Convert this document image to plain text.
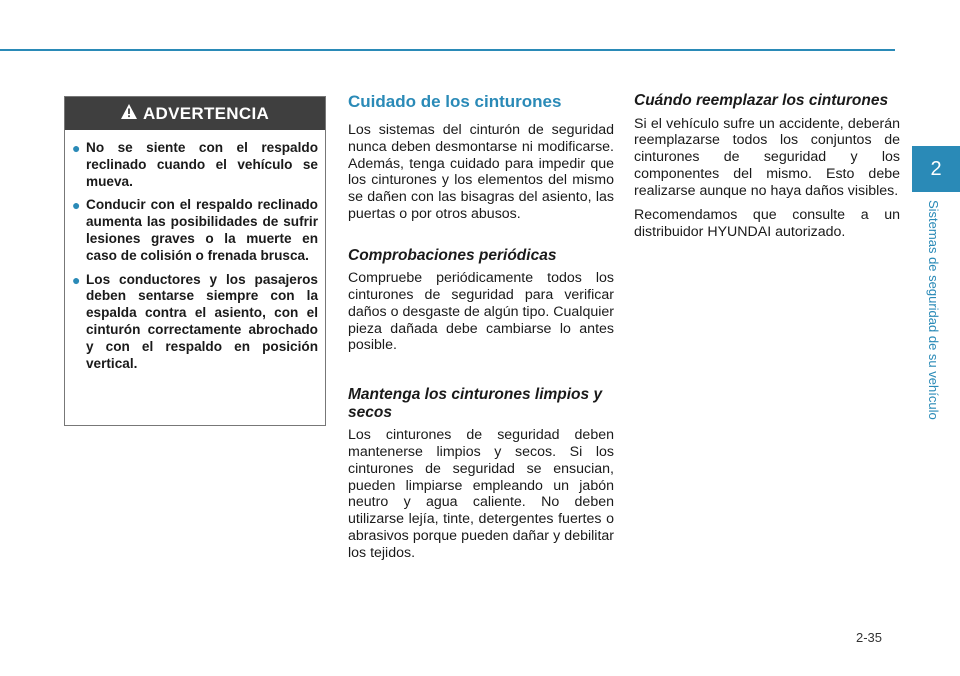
ADVERTENCIA
● No se siente con el respaldo reclinado cuando el vehículo se mueva.
● Conducir con el respaldo reclinado aumenta las posibilidades de sufrir lesiones graves o la muerte en caso de colisión o frenada brusca.
● Los conductores y los pasajeros deben sentarse siempre con la espalda contra el asiento, con el cinturón correctamente abrochado y con el respaldo en posición vertical.
Cuidado de los cinturones

Los sistemas del cinturón de seguridad nunca deben desmontarse ni modificarse. Además, tenga cuidado para impedir que los cinturones y los elementos del mismo se dañen con las bisagras del asiento, las puertas o por otros abusos.

Comprobaciones periódicas

Compruebe periódicamente todos los cinturones de seguridad para verificar daños o desgaste de algún tipo. Cualquier pieza dañada debe cambiarse lo antes posible.

Mantenga los cinturones limpios y secos

Los cinturones de seguridad deben mantenerse limpios y secos. Si los cinturones de seguridad se ensucian, pueden limpiarse empleando un jabón neutro y agua caliente. No deben utilizarse lejía, tinte, detergentes fuertes o abrasivos porque pueden dañar y debilitar los tejidos.

Cuándo reemplazar los cinturones

Si el vehículo sufre un accidente, deberán reemplazarse todos los conjuntos de cinturones de seguridad y los componentes del mismo. Esto debe realizarse aunque no haya daños visibles.

Recomendamos que consulte a un distribuidor HYUNDAI autorizado.

2
Sistemas de seguridad de su vehículo
2-35
